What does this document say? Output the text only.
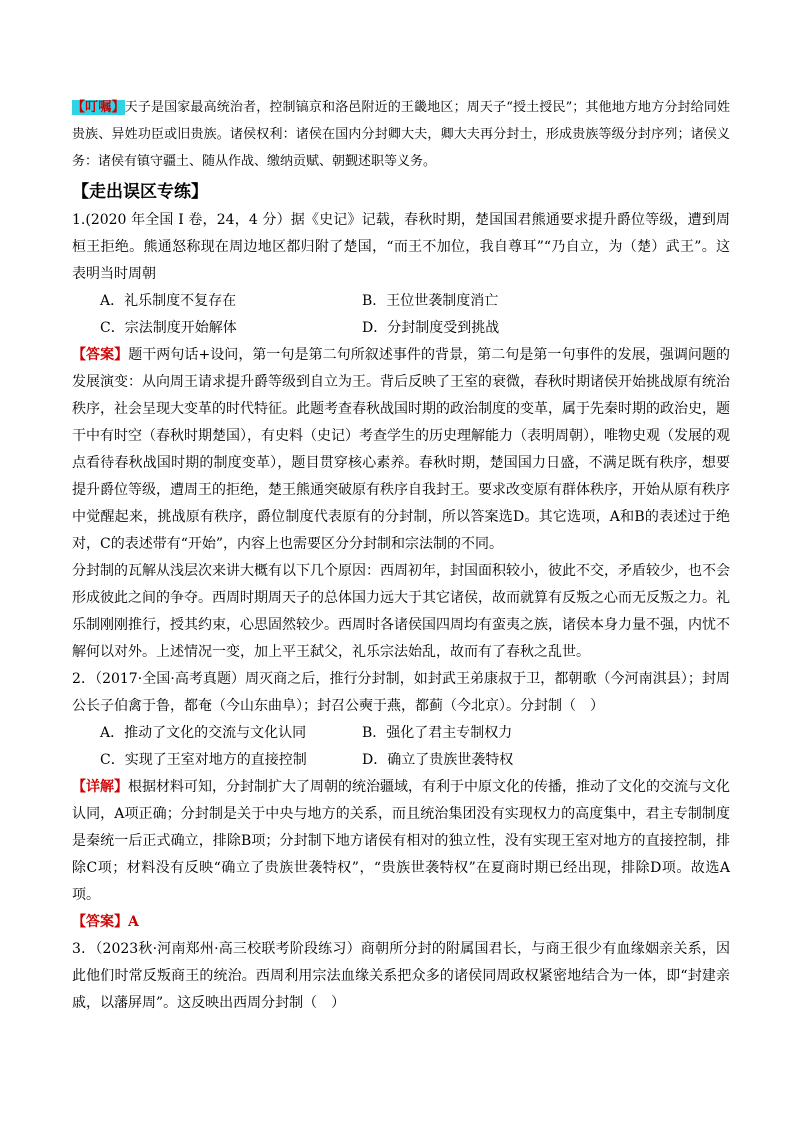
【叮嘱】天子是国家最高统治者，控制镐京和洛邑附近的王畿地区；周天子“授土授民”；其他地方地方分封给同姓贵族、异姓功臣或旧贵族。诸侯权利：诸侯在国内分封卿大夫，卿大夫再分封士，形成贵族等级分封序列；诸侯义务：诸侯有镇守疆土、随从作战、缴纳贡赋、朝觐述职等义务。

【走出误区专练】

1.(2020 年全国 I 卷，24，4 分）据《史记》记载，春秋时期，楚国国君熊通要求提升爵位等级，遭到周桓王拒绝。熊通怒称现在周边地区都归附了楚国，“而王不加位，我自尊耳”“乃自立，为（楚）武王”。这表明当时周朝

A．礼乐制度不复存在	B．王位世袭制度消亡
C．宗法制度开始解体	D．分封制度受到挑战

【答案】题干两句话+设问，第一句是第二句所叙述事件的背景，第二句是第一句事件的发展，强调问题的发展演变：从向周王请求提升爵等级到自立为王。背后反映了王室的衰微，春秋时期诸侯开始挑战原有统治秩序，社会呈现大变革的时代特征。此题考查春秋战国时期的政治制度的变革，属于先秦时期的政治史，题干中有时空（春秋时期楚国），有史料（史记）考查学生的历史理解能力（表明周朝），唯物史观（发展的观点看待春秋战国时期的制度变革），题目贯穿核心素养。春秋时期，楚国国力日盛，不满足既有秩序，想要提升爵位等级，遭周王的拒绝，楚王熊通突破原有秩序自我封王。要求改变原有群体秩序，开始从原有秩序中觉醒起来，挑战原有秩序，爵位制度代表原有的分封制，所以答案选D。其它选项，A和B的表述过于绝对，C的表述带有“开始”，内容上也需要区分分封制和宗法制的不同。

分封制的瓦解从浅层次来讲大概有以下几个原因：西周初年，封国面积较小，彼此不交，矛盾较少，也不会形成彼此之间的争夺。西周时期周天子的总体国力远大于其它诸侯，故而就算有反叛之心而无反叛之力。礼乐制刚刚推行，授其约束，心思固然较少。西周时各诸侯国四周均有蛮夷之族，诸侯本身力量不强，内忧不解何以对外。上述情况一变，加上平王弑父，礼乐宗法始乱，故而有了春秋之乱世。

2．（2017·全国·高考真题）周灭商之后，推行分封制，如封武王弟康叔于卫，都朝歌（今河南淇县）；封周公长子伯禽于鲁，都奄（今山东曲阜）；封召公奭于燕，都蓟（今北京）。分封制（　）

A．推动了文化的交流与文化认同	B．强化了君主专制权力
C．实现了王室对地方的直接控制	D．确立了贵族世袭特权

【详解】根据材料可知，分封制扩大了周朝的统治疆域，有利于中原文化的传播，推动了文化的交流与文化认同，A项正确；分封制是关于中央与地方的关系，而且统治集团没有实现权力的高度集中，君主专制制度是秦统一后正式确立，排除B项；分封制下地方诸侯有相对的独立性，没有实现王室对地方的直接控制，排除C项；材料没有反映“确立了贵族世袭特权”，“贵族世袭特权”在夏商时期已经出现，排除D项。故选A项。

【答案】A

3．（2023秋·河南郑州·高三校联考阶段练习）商朝所分封的附属国君长，与商王很少有血缘姻亲关系，因此他们时常反叛商王的统治。西周利用宗法血缘关系把众多的诸侯同周政权紧密地结合为一体，即“封建亲戚，以藩屏周”。这反映出西周分封制（　）
